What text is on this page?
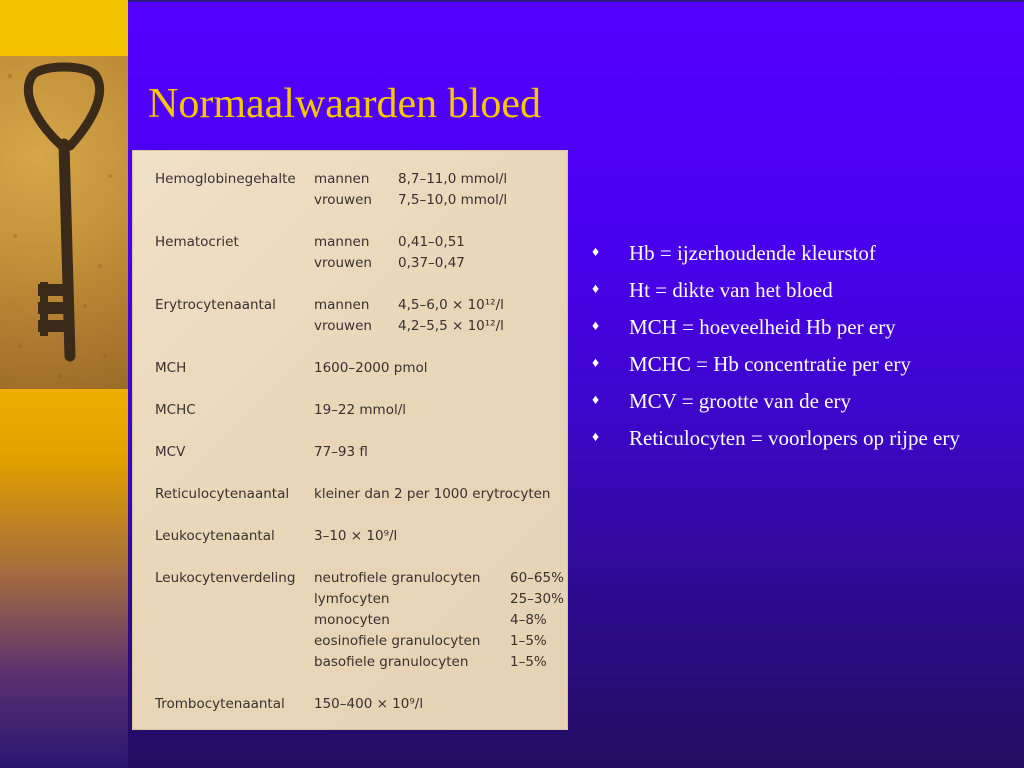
Normaalwaarden bloed
Hemoglobinegehalte mannen 8,7–11,0 mmol/l
vrouwen 7,5–10,0 mmol/l
Hematocriet	mannen 0,41–0,51
vrouwen 0,37–0,47
Erytrocytenaantal	mannen 4,5–6,0 × 10¹²/l
vrouwen 4,2–5,5 × 10¹²/l
MCH	1600–2000 pmol
MCHC	19–22 mmol/l
MCV	77–93 fl
Reticulocytenaantal kleiner dan 2 per 1000 erytrocyten
Leukocytenaantal	3–10 × 10⁹/l
Leukocytenverdeling neutrofiele granulocyten 60–65%
lymfocyten	25–30%
monocyten	4–8%
eosinofiele granulocyten 1–5%
basofiele granulocyten	1–5%
Trombocytenaantal 150–400 × 10⁹/l
♦ Hb = ijzerhoudende kleurstof
♦ Ht = dikte van het bloed
♦ MCH = hoeveelheid Hb per ery
♦ MCHC = Hb concentratie per ery
♦ MCV = grootte van de ery
♦ Reticulocyten = voorlopers op rijpe ery
